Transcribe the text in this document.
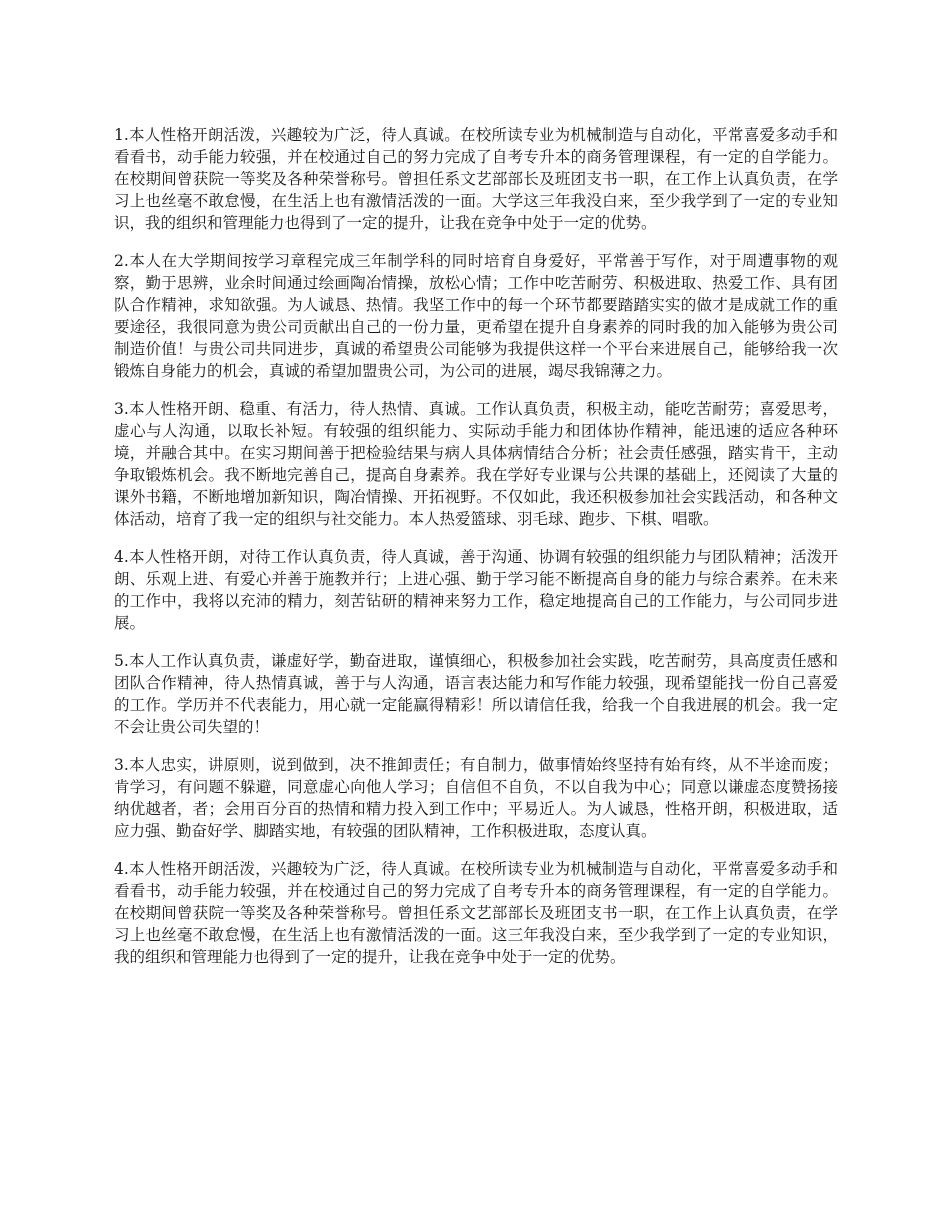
1.本人性格开朗活泼，兴趣较为广泛，待人真诚。在校所读专业为机械制造与自动化，平常喜爱多动手和看看书，动手能力较强，并在校通过自己的努力完成了自考专升本的商务管理课程，有一定的自学能力。在校期间曾获院一等奖及各种荣誉称号。曾担任系文艺部部长及班团支书一职，在工作上认真负责，在学习上也丝毫不敢怠慢，在生活上也有激情活泼的一面。大学这三年我没白来，至少我学到了一定的专业知识，我的组织和管理能力也得到了一定的提升，让我在竞争中处于一定的优势。

2.本人在大学期间按学习章程完成三年制学科的同时培育自身爱好，平常善于写作，对于周遭事物的观察，勤于思辨，业余时间通过绘画陶冶情操，放松心情；工作中吃苦耐劳、积极进取、热爱工作、具有团队合作精神，求知欲强。为人诚恳、热情。我坚工作中的每一个环节都要踏踏实实的做才是成就工作的重要途径，我很同意为贵公司贡献出自己的一份力量，更希望在提升自身素养的同时我的加入能够为贵公司制造价值！与贵公司共同进步，真诚的希望贵公司能够为我提供这样一个平台来进展自己，能够给我一次锻炼自身能力的机会，真诚的希望加盟贵公司，为公司的进展，竭尽我锦薄之力。

3.本人性格开朗、稳重、有活力，待人热情、真诚。工作认真负责，积极主动，能吃苦耐劳；喜爱思考，虚心与人沟通，以取长补短。有较强的组织能力、实际动手能力和团体协作精神，能迅速的适应各种环境，并融合其中。在实习期间善于把检验结果与病人具体病情结合分析；社会责任感强，踏实肯干，主动争取锻炼机会。我不断地完善自己，提高自身素养。我在学好专业课与公共课的基础上，还阅读了大量的课外书籍，不断地增加新知识，陶冶情操、开拓视野。不仅如此，我还积极参加社会实践活动，和各种文体活动，培育了我一定的组织与社交能力。本人热爱篮球、羽毛球、跑步、下棋、唱歌。

4.本人性格开朗，对待工作认真负责，待人真诚，善于沟通、协调有较强的组织能力与团队精神；活泼开朗、乐观上进、有爱心并善于施教并行；上进心强、勤于学习能不断提高自身的能力与综合素养。在未来的工作中，我将以充沛的精力，刻苦钻研的精神来努力工作，稳定地提高自己的工作能力，与公司同步进展。

5.本人工作认真负责，谦虚好学，勤奋进取，谨慎细心，积极参加社会实践，吃苦耐劳，具高度责任感和团队合作精神，待人热情真诚，善于与人沟通，语言表达能力和写作能力较强，现希望能找一份自己喜爱的工作。学历并不代表能力，用心就一定能赢得精彩！所以请信任我，给我一个自我进展的机会。我一定不会让贵公司失望的！

3.本人忠实，讲原则，说到做到，决不推卸责任；有自制力，做事情始终坚持有始有终，从不半途而废；肯学习，有问题不躲避，同意虚心向他人学习；自信但不自负，不以自我为中心；同意以谦虚态度赞扬接纳优越者，者；会用百分百的热情和精力投入到工作中；平易近人。为人诚恳，性格开朗，积极进取，适应力强、勤奋好学、脚踏实地，有较强的团队精神，工作积极进取，态度认真。

4.本人性格开朗活泼，兴趣较为广泛，待人真诚。在校所读专业为机械制造与自动化，平常喜爱多动手和看看书，动手能力较强，并在校通过自己的努力完成了自考专升本的商务管理课程，有一定的自学能力。在校期间曾获院一等奖及各种荣誉称号。曾担任系文艺部部长及班团支书一职，在工作上认真负责，在学习上也丝毫不敢怠慢，在生活上也有激情活泼的一面。这三年我没白来，至少我学到了一定的专业知识，我的组织和管理能力也得到了一定的提升，让我在竞争中处于一定的优势。
